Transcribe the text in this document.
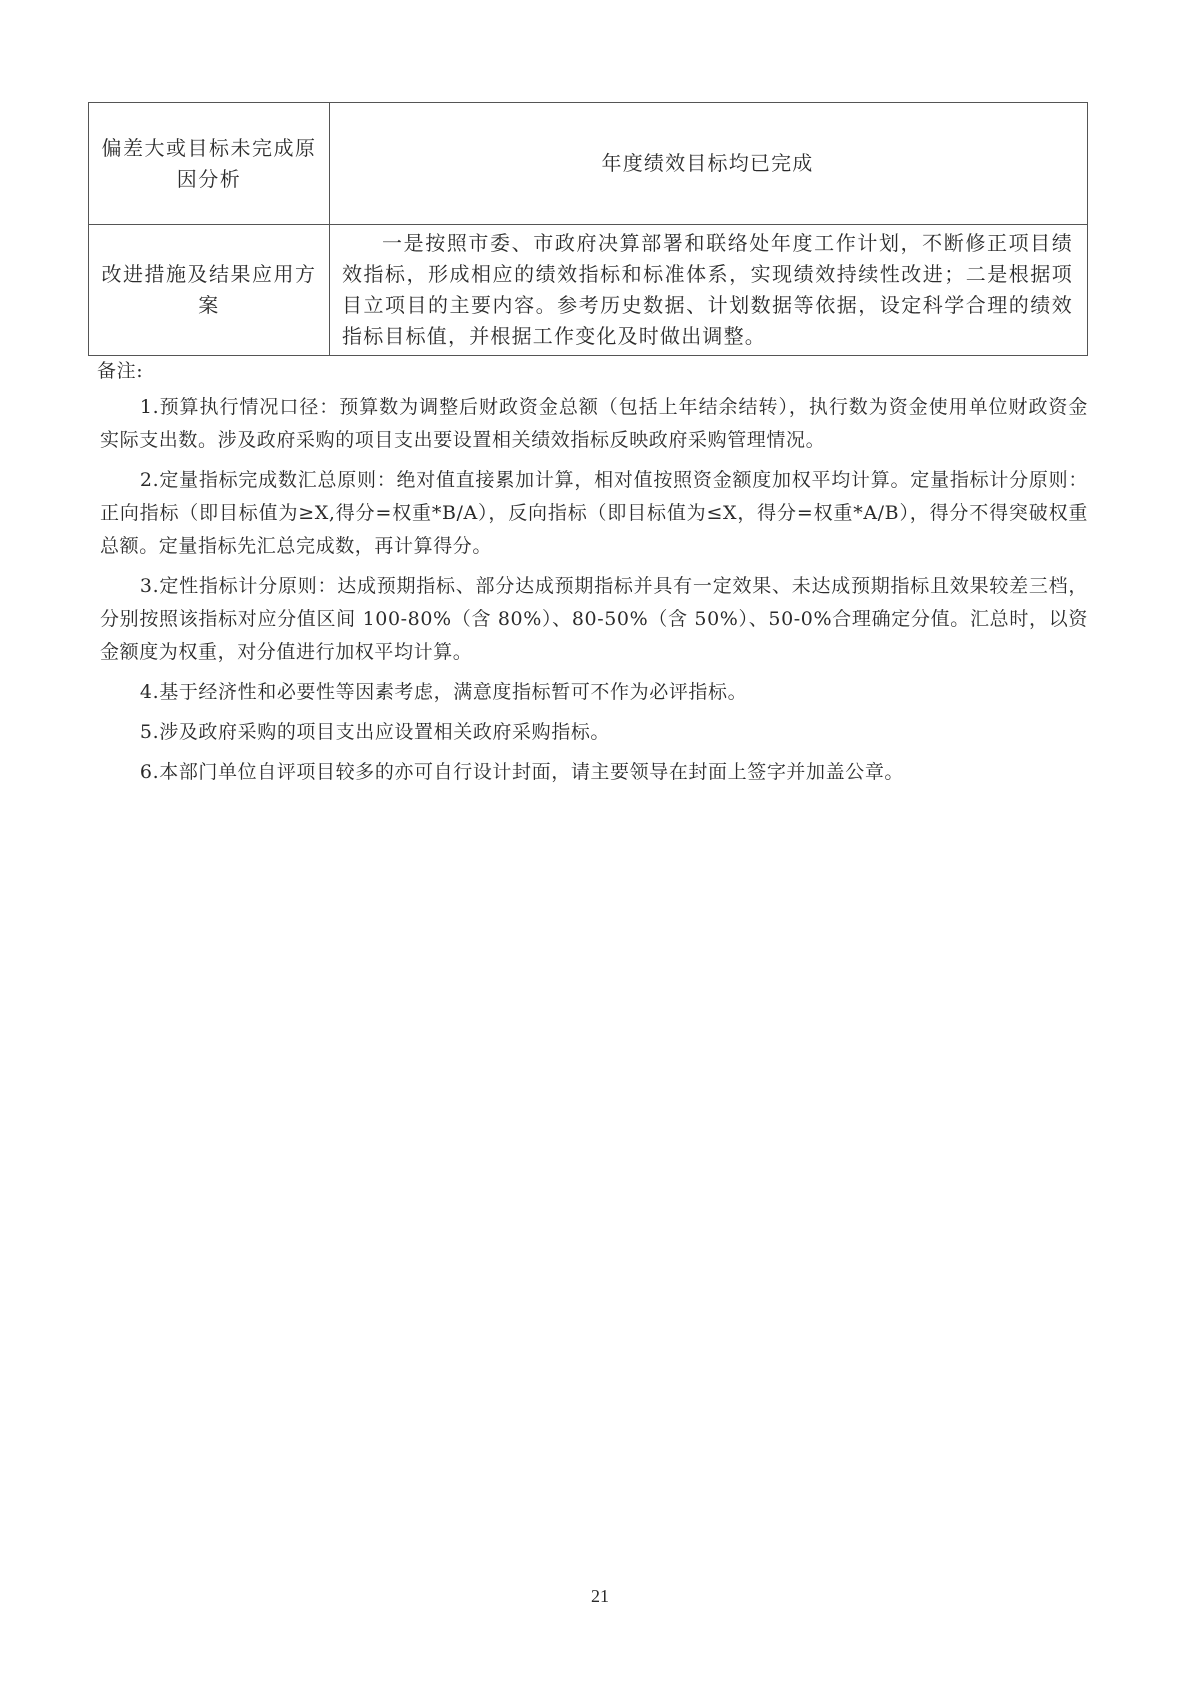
偏差大或目标未完成原因分析	年度绩效目标均已完成
改进措施及结果应用方案	一是按照市委、市政府决算部署和联络处年度工作计划，不断修正项目绩效指标，形成相应的绩效指标和标准体系，实现绩效持续性改进；二是根据项目立项目的主要内容。参考历史数据、计划数据等依据，设定科学合理的绩效指标目标值，并根据工作变化及时做出调整。

备注:

1.预算执行情况口径：预算数为调整后财政资金总额（包括上年结余结转），执行数为资金使用单位财政资金实际支出数。涉及政府采购的项目支出要设置相关绩效指标反映政府采购管理情况。

2.定量指标完成数汇总原则：绝对值直接累加计算，相对值按照资金额度加权平均计算。定量指标计分原则：正向指标（即目标值为≥X,得分=权重*B/A），反向指标（即目标值为≤X，得分=权重*A/B），得分不得突破权重总额。定量指标先汇总完成数，再计算得分。

3.定性指标计分原则：达成预期指标、部分达成预期指标并具有一定效果、未达成预期指标且效果较差三档，分别按照该指标对应分值区间 100-80%（含 80%）、80-50%（含 50%）、50-0%合理确定分值。汇总时，以资金额度为权重，对分值进行加权平均计算。

4.基于经济性和必要性等因素考虑，满意度指标暂可不作为必评指标。

5.涉及政府采购的项目支出应设置相关政府采购指标。

6.本部门单位自评项目较多的亦可自行设计封面，请主要领导在封面上签字并加盖公章。

21
